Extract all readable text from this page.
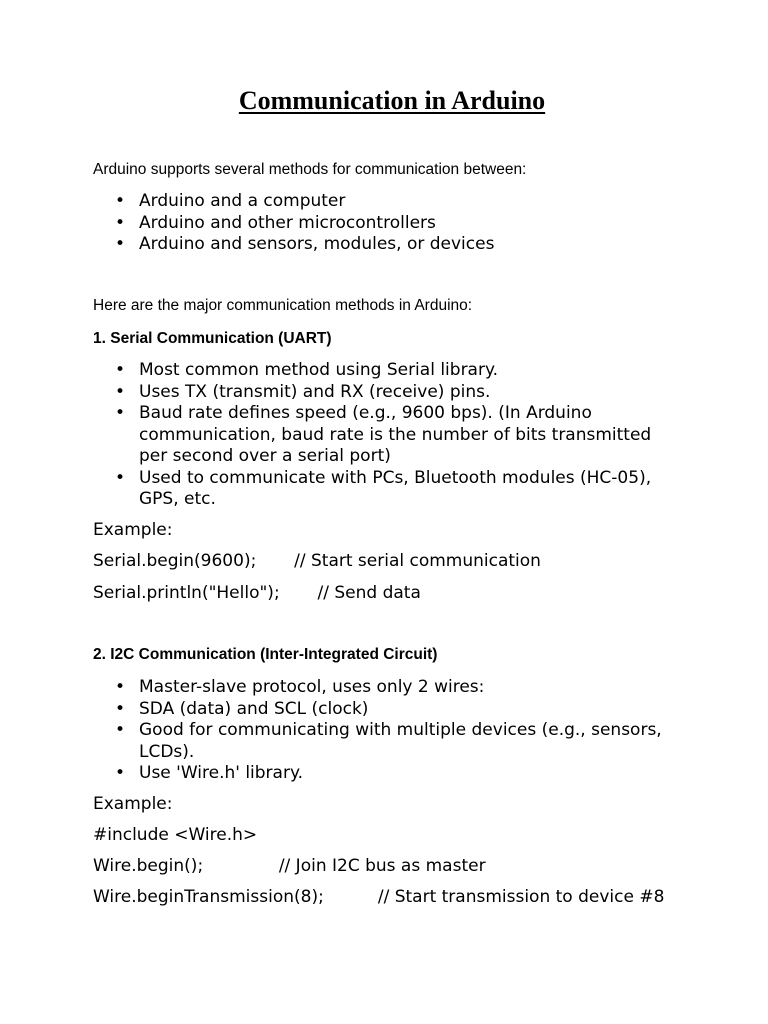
Communication in Arduino

Arduino supports several methods for communication between:

• Arduino and a computer
• Arduino and other microcontrollers
• Arduino and sensors, modules, or devices

Here are the major communication methods in Arduino:

1. Serial Communication (UART)

• Most common method using Serial library.
• Uses TX (transmit) and RX (receive) pins.
• Baud rate defines speed (e.g., 9600 bps). (In Arduino communication, baud rate is the number of bits transmitted per second over a serial port)
• Used to communicate with PCs, Bluetooth modules (HC-05), GPS, etc.

Example:

Serial.begin(9600);       // Start serial communication

Serial.println("Hello");       // Send data

2. I2C Communication (Inter-Integrated Circuit)

• Master-slave protocol, uses only 2 wires:
• SDA (data) and SCL (clock)
• Good for communicating with multiple devices (e.g., sensors, LCDs).
• Use 'Wire.h' library.

Example:

#include <Wire.h>

Wire.begin();              // Join I2C bus as master

Wire.beginTransmission(8);          // Start transmission to device #8
